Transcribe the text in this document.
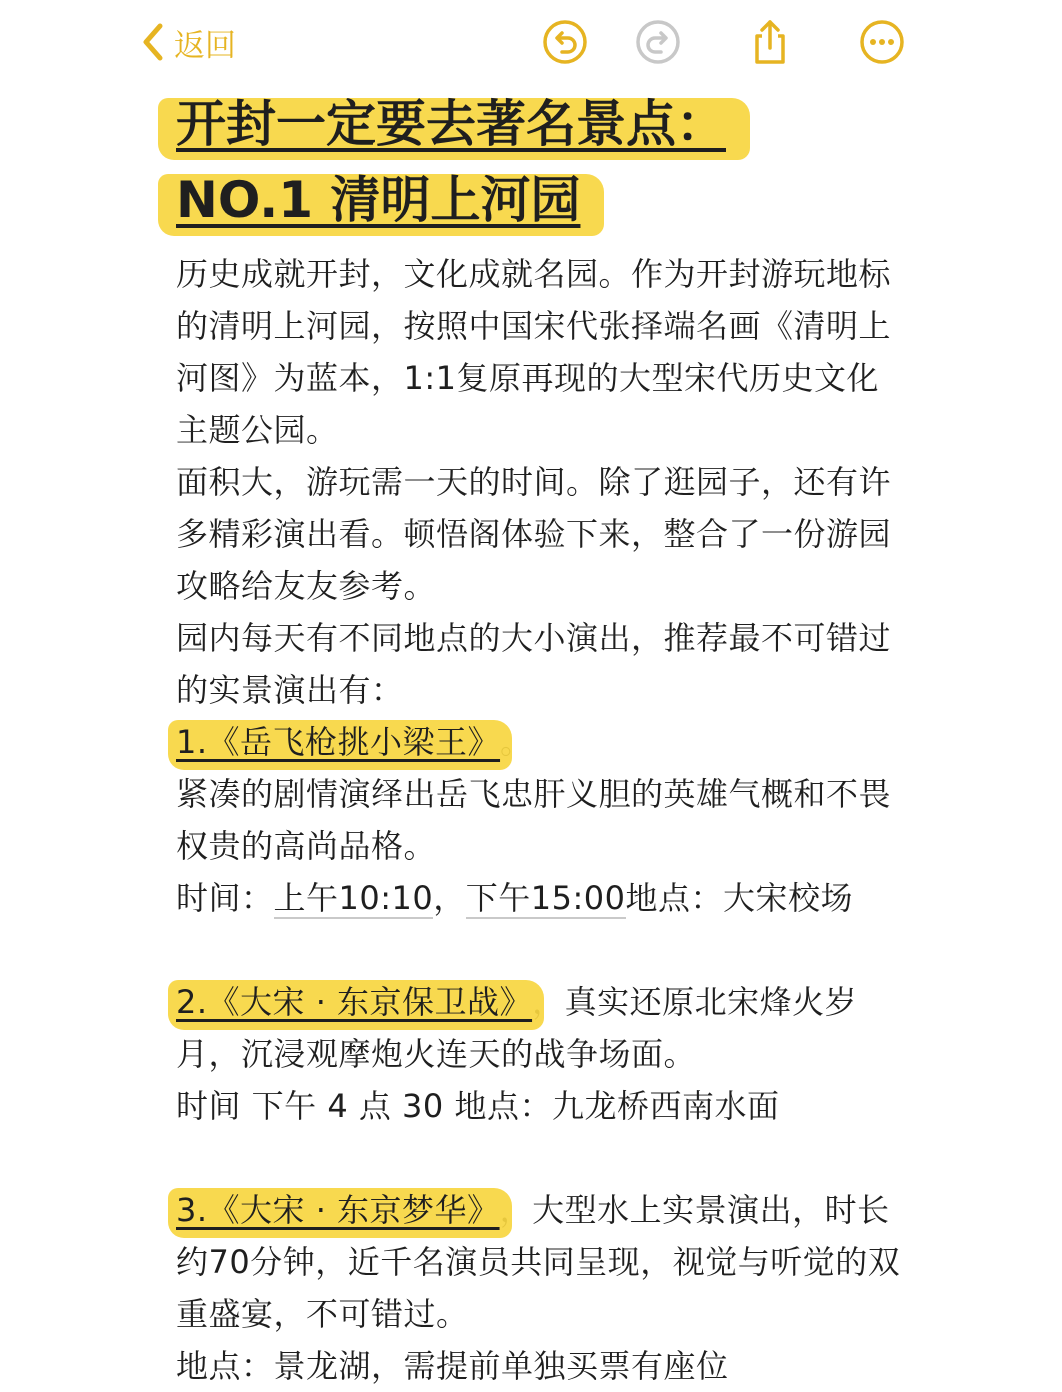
返回
开封一定要去著名景点：
NO.1 清明上河园

历史成就开封，文化成就名园。作为开封游玩地标的清明上河园，按照中国宋代张择端名画《清明上河图》为蓝本，1:1复原再现的大型宋代历史文化主题公园。

面积大，游玩需一天的时间。除了逛园子，还有许多精彩演出看。顿悟阁体验下来，整合了一份游园攻略给友友参考。

园内每天有不同地点的大小演出，推荐最不可错过的实景演出有：

1.《岳飞枪挑小梁王》。

紧凑的剧情演绎出岳飞忠肝义胆的英雄气概和不畏权贵的高尚品格。

时间：上午10:10，下午15:00地点：大宋校场

2.《大宋 · 东京保卫战》，真实还原北宋烽火岁月，沉浸观摩炮火连天的战争场面。

时间 下午 4 点 30 地点：九龙桥西南水面

3.《大宋 · 东京梦华》，大型水上实景演出，时长约70分钟，近千名演员共同呈现，视觉与听觉的双重盛宴，不可错过。

地点：景龙湖，需提前单独买票有座位
